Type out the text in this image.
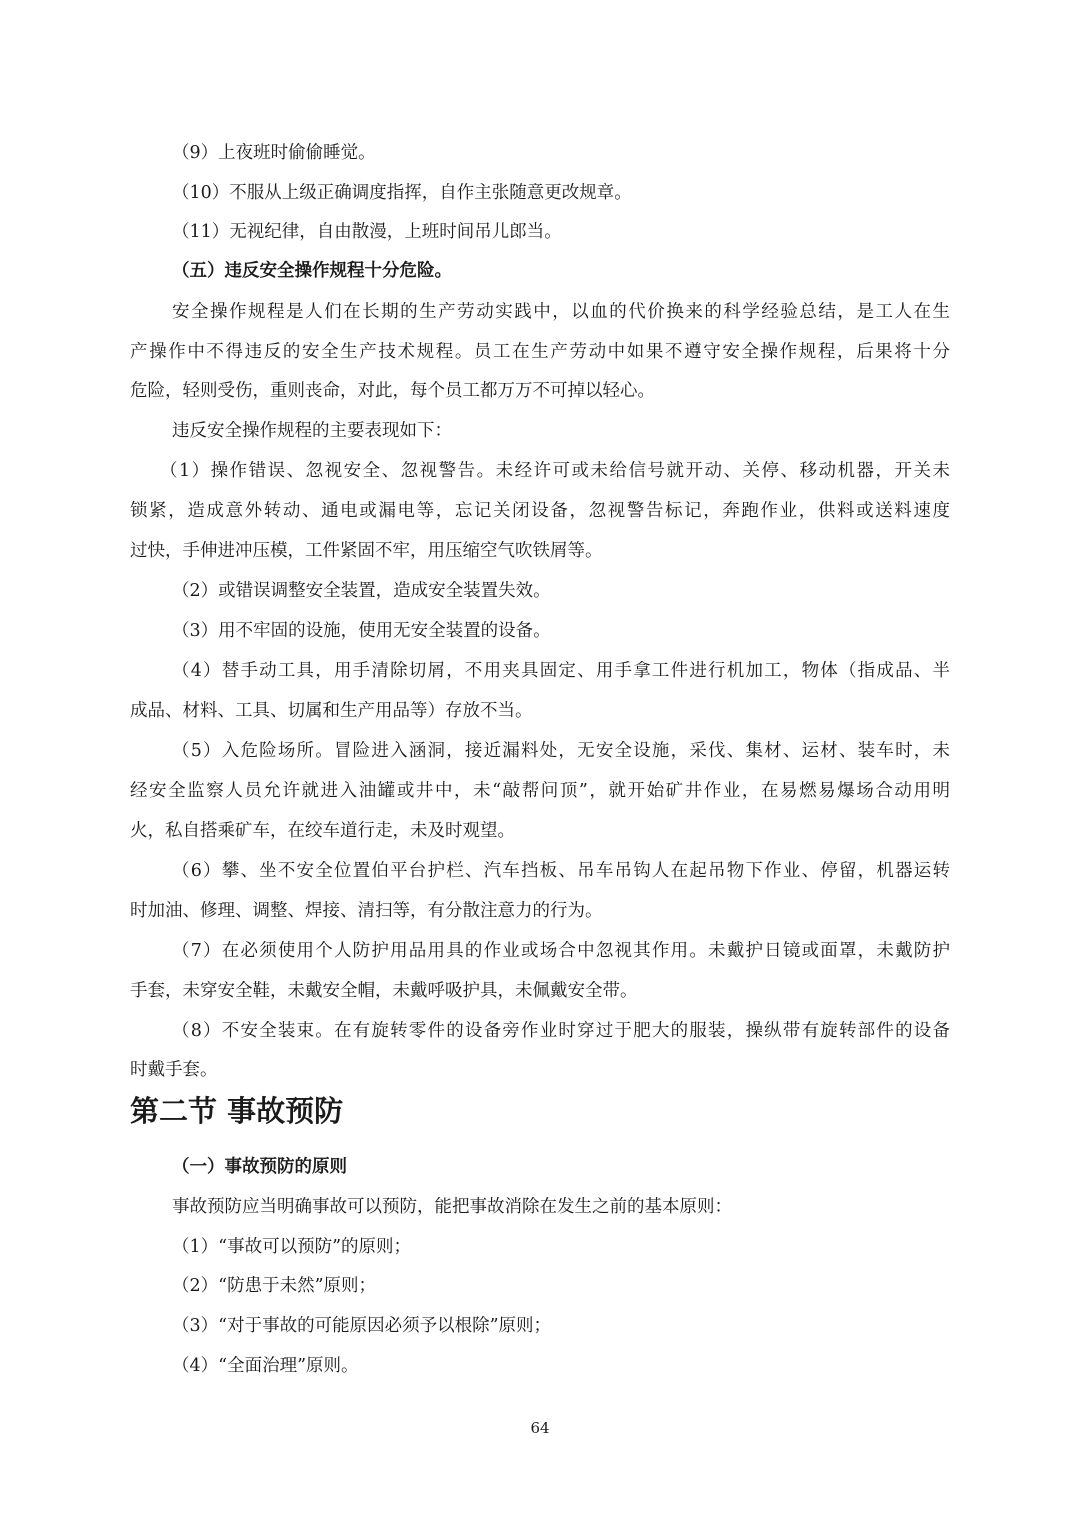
（9）上夜班时偷偷睡觉。
（10）不服从上级正确调度指挥，自作主张随意更改规章。
（11）无视纪律，自由散漫，上班时间吊儿郎当。
（五）违反安全操作规程十分危险。
安全操作规程是人们在长期的生产劳动实践中，以血的代价换来的科学经验总结，是工人在生
产操作中不得违反的安全生产技术规程。员工在生产劳动中如果不遵守安全操作规程，后果将十分
危险，轻则受伤，重则丧命，对此，每个员工都万万不可掉以轻心。
违反安全操作规程的主要表现如下：
（1）操作错误、忽视安全、忽视警告。未经许可或未给信号就开动、关停、移动机器，开关未
锁紧，造成意外转动、通电或漏电等，忘记关闭设备，忽视警告标记，奔跑作业，供料或送料速度
过快，手伸进冲压模，工件紧固不牢，用压缩空气吹铁屑等。
（2）或错误调整安全装置，造成安全装置失效。
（3）用不牢固的设施，使用无安全装置的设备。
（4）替手动工具，用手清除切屑，不用夹具固定、用手拿工件进行机加工，物体（指成品、半
成品、材料、工具、切属和生产用品等）存放不当。
（5）入危险场所。冒险进入涵洞，接近漏料处，无安全设施，采伐、集材、运材、装车时，未
经安全监察人员允许就进入油罐或井中，未“敲帮问顶”，就开始矿井作业，在易燃易爆场合动用明
火，私自搭乘矿车，在绞车道行走，未及时观望。
（6）攀、坐不安全位置伯平台护栏、汽车挡板、吊车吊钩人在起吊物下作业、停留，机器运转
时加油、修理、调整、焊接、清扫等，有分散注意力的行为。
（7）在必须使用个人防护用品用具的作业或场合中忽视其作用。未戴护日镜或面罩，未戴防护
手套，未穿安全鞋，未戴安全帽，未戴呼吸护具，未佩戴安全带。
（8）不安全装束。在有旋转零件的设备旁作业时穿过于肥大的服装，操纵带有旋转部件的设备
时戴手套。
第二节 事故预防
（一）事故预防的原则
事故预防应当明确事故可以预防，能把事故消除在发生之前的基本原则：
（1）“事故可以预防”的原则；
（2）“防患于未然”原则；
（3）“对于事故的可能原因必须予以根除”原则；
（4）“全面治理”原则。
64
